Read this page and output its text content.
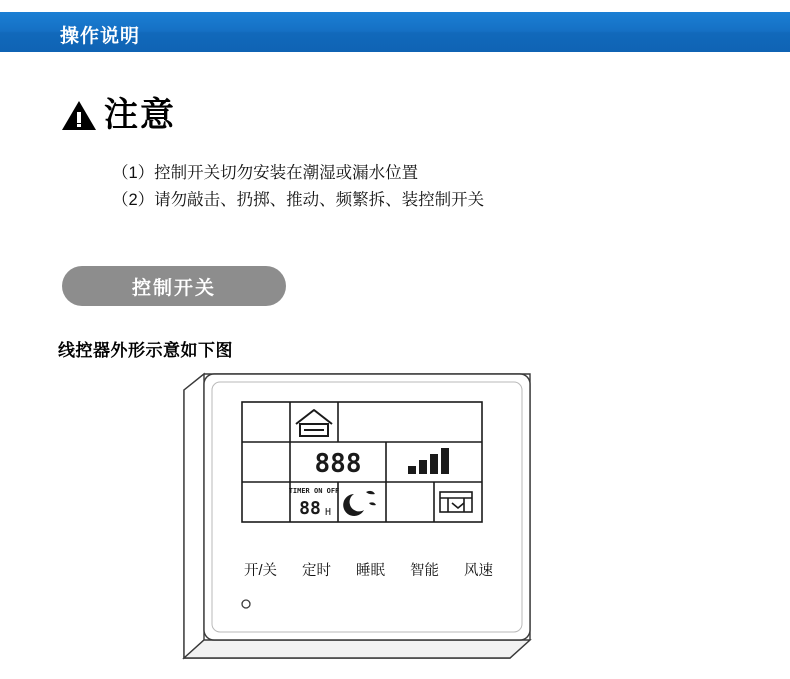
操作说明
注意
（1）控制开关切勿安装在潮湿或漏水位置
（2）请勿敲击、扔掷、推动、频繁拆、装控制开关
控制开关
线控器外形示意如下图
888
TIMER ON OFF
88 H
开/关 定时 睡眠 智能 风速
